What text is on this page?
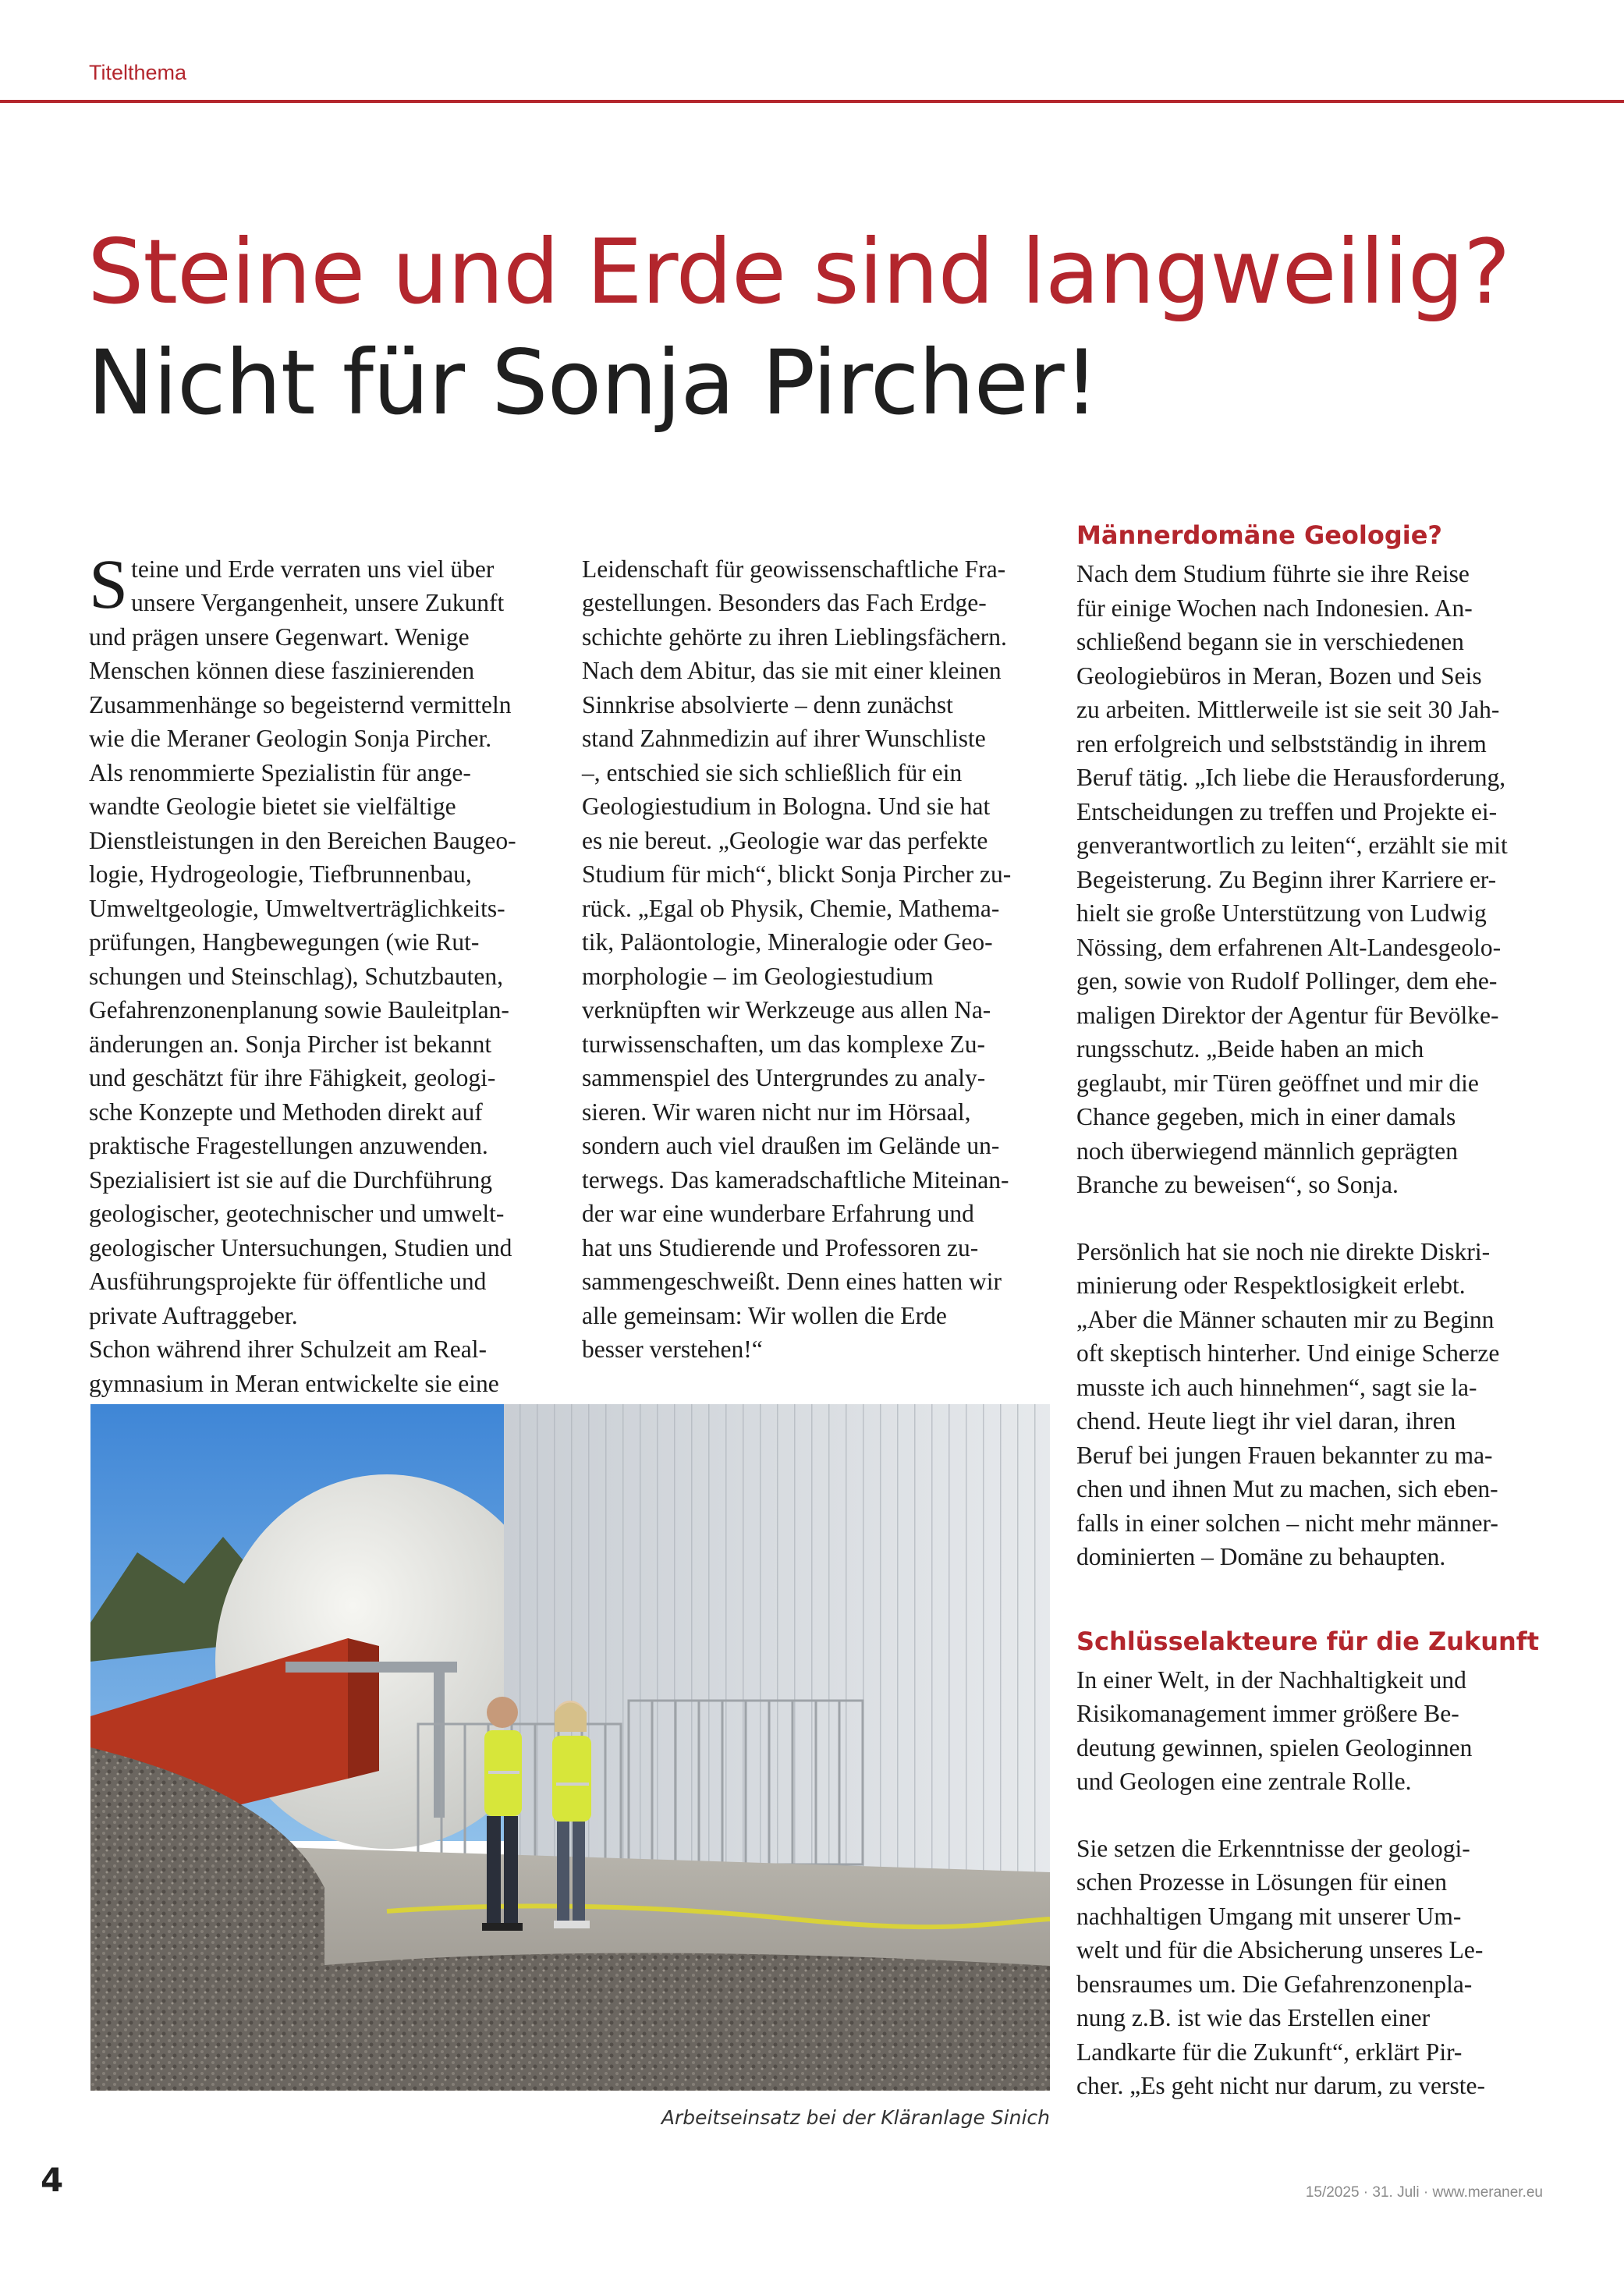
Titelthema
Steine und Erde sind langweilig?
Nicht für Sonja Pircher!

Steine und Erde verraten uns viel über
unsere Vergangenheit, unsere Zukunft
und prägen unsere Gegenwart. Wenige
Menschen können diese faszinierenden
Zusammenhänge so begeisternd vermitteln
wie die Meraner Geologin Sonja Pircher.
Als renommierte Spezialistin für ange-
wandte Geologie bietet sie vielfältige
Dienstleistungen in den Bereichen Baugeo-
logie, Hydrogeologie, Tiefbrunnenbau,
Umweltgeologie, Umweltverträglichkeits-
prüfungen, Hangbewegungen (wie Rut-
schungen und Steinschlag), Schutzbauten,
Gefahrenzonenplanung sowie Bauleitplan-
änderungen an. Sonja Pircher ist bekannt
und geschätzt für ihre Fähigkeit, geologi-
sche Konzepte und Methoden direkt auf
praktische Fragestellungen anzuwenden.
Spezialisiert ist sie auf die Durchführung
geologischer, geotechnischer und umwelt-
geologischer Untersuchungen, Studien und
Ausführungsprojekte für öffentliche und
private Auftraggeber.
Schon während ihrer Schulzeit am Real-
gymnasium in Meran entwickelte sie eine

Leidenschaft für geowissenschaftliche Fra-
gestellungen. Besonders das Fach Erdge-
schichte gehörte zu ihren Lieblingsfächern.
Nach dem Abitur, das sie mit einer kleinen
Sinnkrise absolvierte – denn zunächst
stand Zahnmedizin auf ihrer Wunschliste
–, entschied sie sich schließlich für ein
Geologiestudium in Bologna. Und sie hat
es nie bereut. „Geologie war das perfekte
Studium für mich“, blickt Sonja Pircher zu-
rück. „Egal ob Physik, Chemie, Mathema-
tik, Paläontologie, Mineralogie oder Geo-
morphologie – im Geologiestudium
verknüpften wir Werkzeuge aus allen Na-
turwissenschaften, um das komplexe Zu-
sammenspiel des Untergrundes zu analy-
sieren. Wir waren nicht nur im Hörsaal,
sondern auch viel draußen im Gelände un-
terwegs. Das kameradschaftliche Miteinan-
der war eine wunderbare Erfahrung und
hat uns Studierende und Professoren zu-
sammengeschweißt. Denn eines hatten wir
alle gemeinsam: Wir wollen die Erde
besser verstehen!“

Männerdomäne Geologie?

Nach dem Studium führte sie ihre Reise
für einige Wochen nach Indonesien. An-
schließend begann sie in verschiedenen
Geologiebüros in Meran, Bozen und Seis
zu arbeiten. Mittlerweile ist sie seit 30 Jah-
ren erfolgreich und selbstständig in ihrem
Beruf tätig. „Ich liebe die Herausforderung,
Entscheidungen zu treffen und Projekte ei-
genverantwortlich zu leiten“, erzählt sie mit
Begeisterung. Zu Beginn ihrer Karriere er-
hielt sie große Unterstützung von Ludwig
Nössing, dem erfahrenen Alt-Landesgeolo-
gen, sowie von Rudolf Pollinger, dem ehe-
maligen Direktor der Agentur für Bevölke-
rungsschutz. „Beide haben an mich
geglaubt, mir Türen geöffnet und mir die
Chance gegeben, mich in einer damals
noch überwiegend männlich geprägten
Branche zu beweisen“, so Sonja.

Persönlich hat sie noch nie direkte Diskri-
minierung oder Respektlosigkeit erlebt.
„Aber die Männer schauten mir zu Beginn
oft skeptisch hinterher. Und einige Scherze
musste ich auch hinnehmen“, sagt sie la-
chend. Heute liegt ihr viel daran, ihren
Beruf bei jungen Frauen bekannter zu ma-
chen und ihnen Mut zu machen, sich eben-
falls in einer solchen – nicht mehr männer-
dominierten – Domäne zu behaupten.

Schlüsselakteure für die Zukunft

In einer Welt, in der Nachhaltigkeit und
Risikomanagement immer größere Be-
deutung gewinnen, spielen Geologinnen
und Geologen eine zentrale Rolle.

Sie setzen die Erkenntnisse der geologi-
schen Prozesse in Lösungen für einen
nachhaltigen Umgang mit unserer Um-
welt und für die Absicherung unseres Le-
bensraumes um. Die Gefahrenzonenpla-
nung z.B. ist wie das Erstellen einer
Landkarte für die Zukunft“, erklärt Pir-
cher. „Es geht nicht nur darum, zu verste-

Arbeitseinsatz bei der Kläranlage Sinich
4	15/2025 · 31. Juli · www.meraner.eu
